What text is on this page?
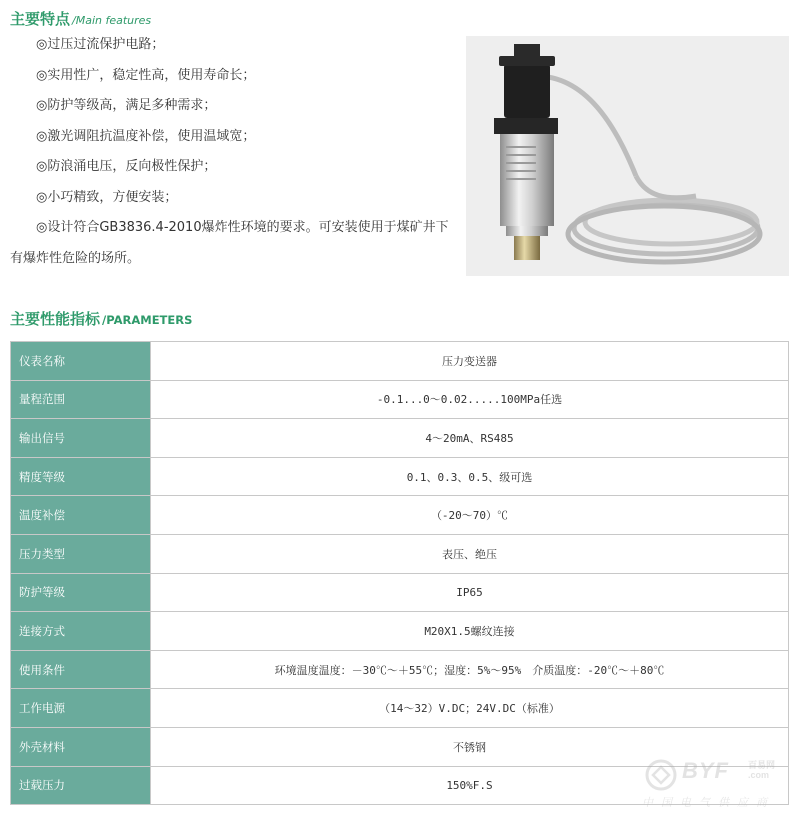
主要特点 /Main features
◎过压过流保护电路；
◎实用性广，稳定性高，使用寿命长；
◎防护等级高，满足多种需求；
◎激光调阻抗温度补偿，使用温域宽；
◎防浪涌电压，反向极性保护；
◎小巧精致，方便安装；
◎设计符合GB3836.4-2010爆炸性环境的要求。可安装使用于煤矿井下有爆炸性危险的场所。
主要性能指标 /PARAMETERS
仪表名称	压力变送器
量程范围	-0.1...0～0.02.....100MPa任选
输出信号	4～20mA、RS485
精度等级	0.1、0.3、0.5、级可选
温度补偿	（-20～70）℃
压力类型	表压、绝压
防护等级	IP65
连接方式	M20X1.5螺纹连接
使用条件	环境温度温度：－30℃～＋55℃；湿度：5%～95%　介质温度：-20℃～＋80℃
工作电源	（14～32）V.DC；24V.DC（标准）
外壳材料	不锈钢
过载压力	150%F.S
BYF 百易网
.com
中国电气供应商
